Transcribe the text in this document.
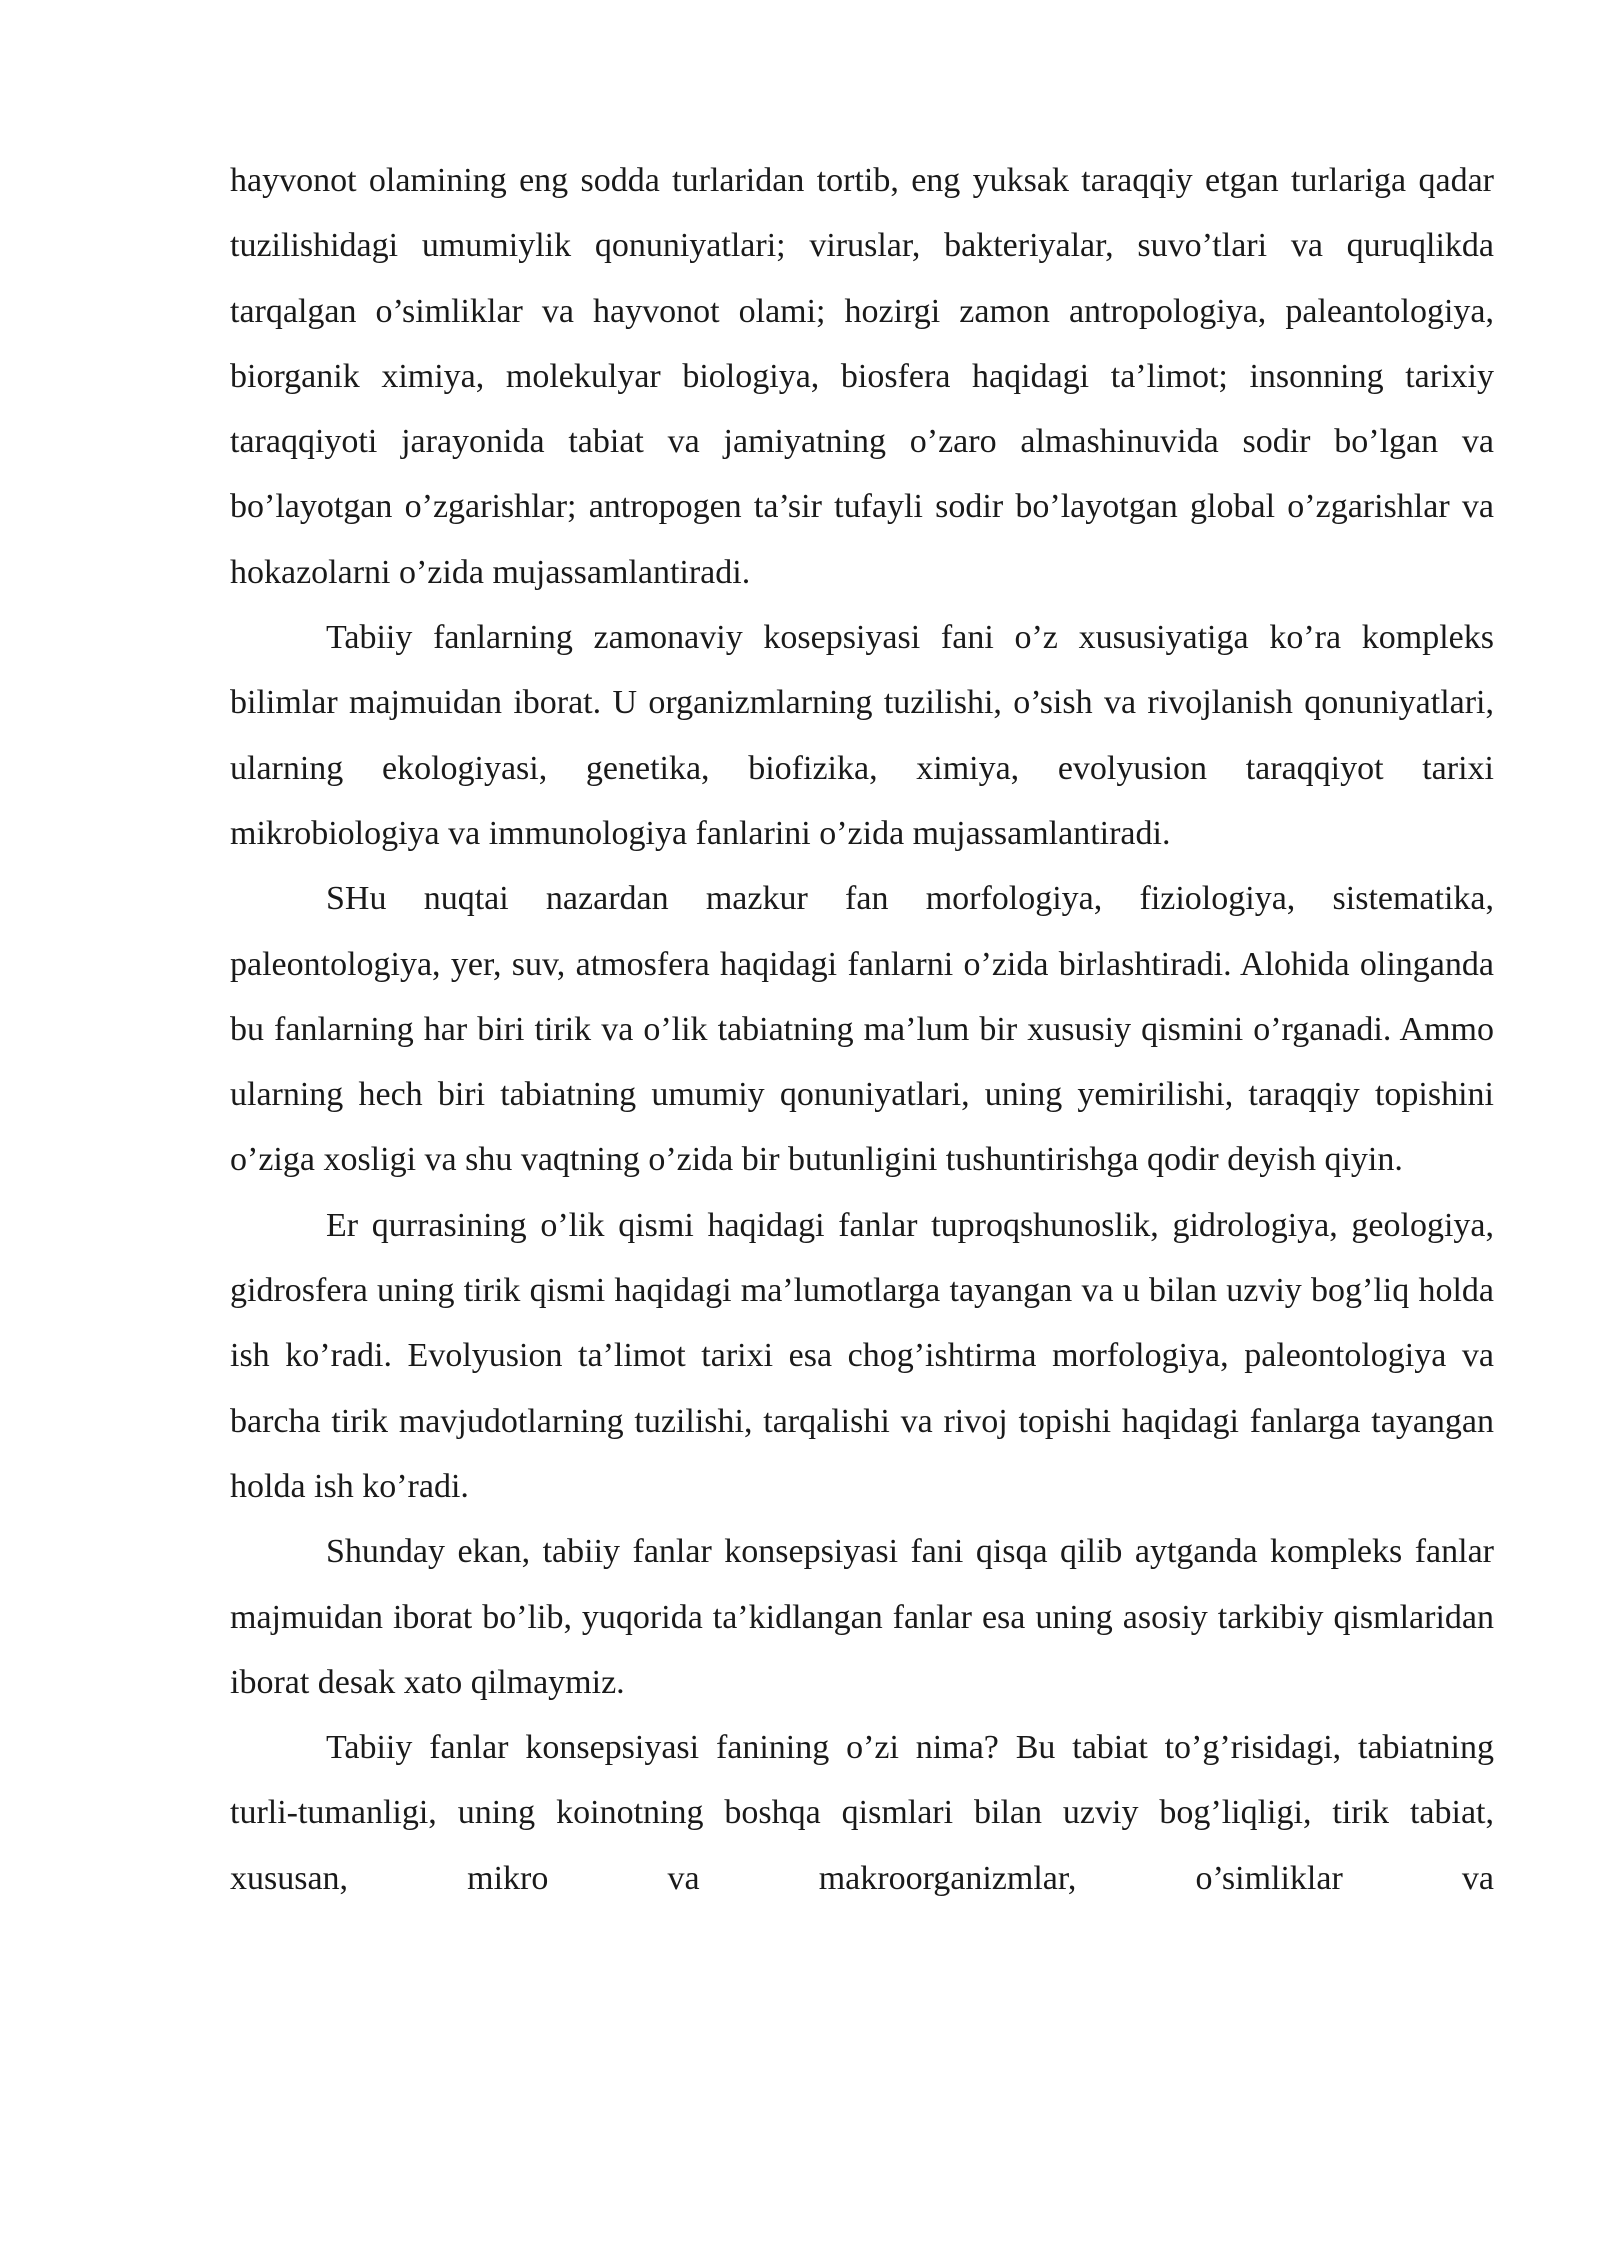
hayvonot olamining eng sodda turlaridan tortib, eng yuksak taraqqiy etgan turlariga qadar tuzilishidagi umumiylik qonuniyatlari; viruslar, bakteriyalar, suvo’tlari va quruqlikda tarqalgan o’simliklar va hayvonot olami; hozirgi zamon antropologiya, paleantologiya, biorganik ximiya, molekulyar biologiya, biosfera haqidagi ta’limot; insonning tarixiy taraqqiyoti jarayonida tabiat va jamiyatning o’zaro almashinuvida sodir bo’lgan va bo’layotgan o’zgarishlar; antropogen ta’sir tufayli sodir bo’layotgan global o’zgarishlar va hokazolarni o’zida mujassamlantiradi.

Tabiiy fanlarning zamonaviy kosepsiyasi fani o’z xususiyatiga ko’ra kompleks bilimlar majmuidan iborat. U organizmlarning tuzilishi, o’sish va rivojlanish qonuniyatlari, ularning ekologiyasi, genetika, biofizika, ximiya, evolyusion taraqqiyot tarixi mikrobiologiya va immunologiya fanlarini o’zida mujassamlantiradi.

SHu nuqtai nazardan mazkur fan morfologiya, fiziologiya, sistematika, paleontologiya, yer, suv, atmosfera haqidagi fanlarni o’zida birlashtiradi. Alohida olinganda bu fanlarning har biri tirik va o’lik tabiatning ma’lum bir xususiy qismini o’rganadi. Ammo ularning hech biri tabiatning umumiy qonuniyatlari, uning yemirilishi, taraqqiy topishini o’ziga xosligi va shu vaqtning o’zida bir butunligini tushuntirishga qodir deyish qiyin.

Er qurrasining o’lik qismi haqidagi fanlar tuproqshunoslik, gidrologiya, geologiya, gidrosfera uning tirik qismi haqidagi ma’lumotlarga tayangan va u bilan uzviy bog’liq holda ish ko’radi. Evolyusion ta’limot tarixi esa chog’ishtirma morfologiya, paleontologiya va barcha tirik mavjudotlarning tuzilishi, tarqalishi va rivoj topishi haqidagi fanlarga tayangan holda ish ko’radi.

Shunday ekan, tabiiy fanlar konsepsiyasi fani qisqa qilib aytganda kompleks fanlar majmuidan iborat bo’lib, yuqorida ta’kidlangan fanlar esa uning asosiy tarkibiy qismlaridan iborat desak xato qilmaymiz.

Tabiiy fanlar konsepsiyasi fanining o’zi nima? Bu tabiat to’g’risidagi, tabiatning turli-tumanligi, uning koinotning boshqa qismlari bilan uzviy bog’liqligi, tirik tabiat, xususan, mikro va makroorganizmlar, o’simliklar va
